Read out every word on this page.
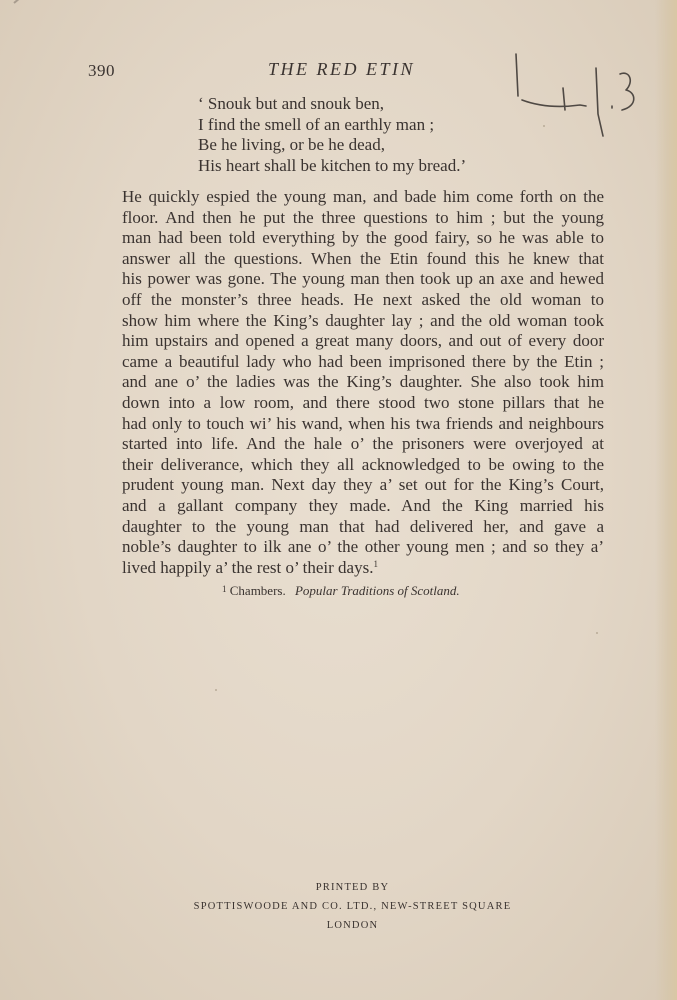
390	THE RED ETIN
‘ Snouk but and snouk ben,
I find the smell of an earthly man ;
Be he living, or be he dead,
His heart shall be kitchen to my bread.’
He quickly espied the young man, and bade him come forth on the
floor. And then he put the three questions to him ; but the young
man had been told everything by the good fairy, so he was able to
answer all the questions. When the Etin found this he knew that
his power was gone. The young man then took up an axe and hewed
off the monster’s three heads. He next asked the old woman to
show him where the King’s daughter lay ; and the old woman took
him upstairs and opened a great many doors, and out of every door
came a beautiful lady who had been imprisoned there by the Etin ;
and ane o’ the ladies was the King’s daughter. She also took him
down into a low room, and there stood two stone pillars that he
had only to touch wi’ his wand, when his twa friends and neighbours
started into life. And the hale o’ the prisoners were overjoyed at
their deliverance, which they all acknowledged to be owing to the
prudent young man. Next day they a’ set out for the King’s Court,
and a gallant company they made. And the King married his
daughter to the young man that had delivered her, and gave a
noble’s daughter to ilk ane o’ the other young men ; and so they a’
lived happily a’ the rest o’ their days.$^1$
$^1$ Chambers. Popular Traditions of Scotland.
PRINTED BY
SPOTTISWOODE AND CO. LTD., NEW-STREET SQUARE
LONDON
